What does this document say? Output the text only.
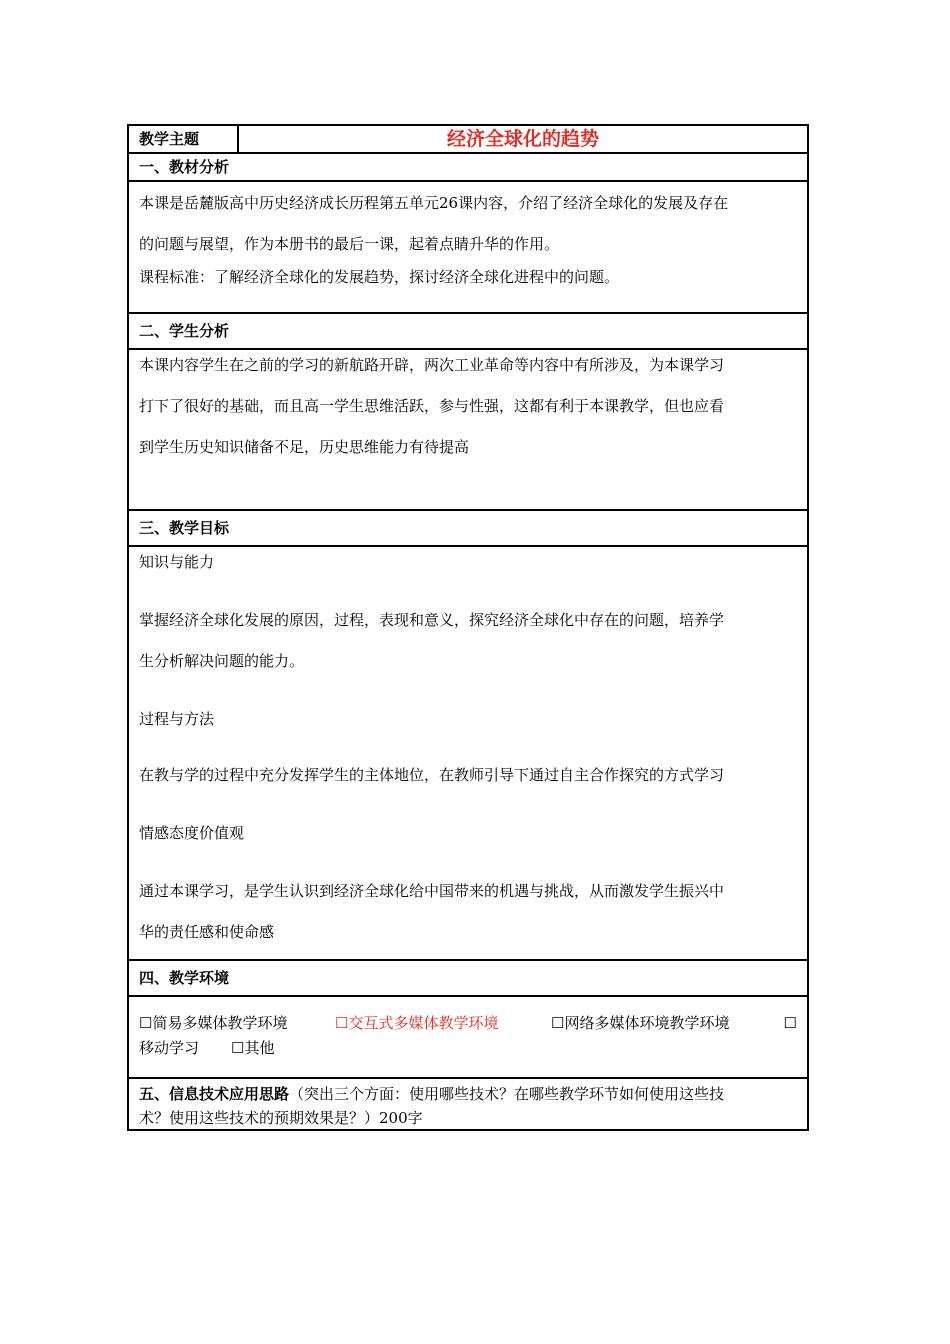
教学主题	经济全球化的趋势
一、教材分析

本课是岳麓版高中历史经济成长历程第五单元26课内容，介绍了经济全球化的发展及存在

的问题与展望，作为本册书的最后一课，起着点睛升华的作用。

课程标准：了解经济全球化的发展趋势，探讨经济全球化进程中的问题。

二、学生分析

本课内容学生在之前的学习的新航路开辟，两次工业革命等内容中有所涉及，为本课学习

打下了很好的基础，而且高一学生思维活跃，参与性强，这都有利于本课教学，但也应看

到学生历史知识储备不足，历史思维能力有待提高

三、教学目标

知识与能力

掌握经济全球化发展的原因，过程，表现和意义，探究经济全球化中存在的问题，培养学

生分析解决问题的能力。

过程与方法

在教与学的过程中充分发挥学生的主体地位，在教师引导下通过自主合作探究的方式学习

情感态度价值观

通过本课学习，是学生认识到经济全球化给中国带来的机遇与挑战，从而激发学生振兴中

华的责任感和使命感

四、教学环境

☐简易多媒体教学环境	☐交互式多媒体教学环境	☐网络多媒体环境教学环境	☐
移动学习 ☐其他

五、信息技术应用思路（突出三个方面：使用哪些技术？在哪些教学环节如何使用这些技

术？使用这些技术的预期效果是？）200字
